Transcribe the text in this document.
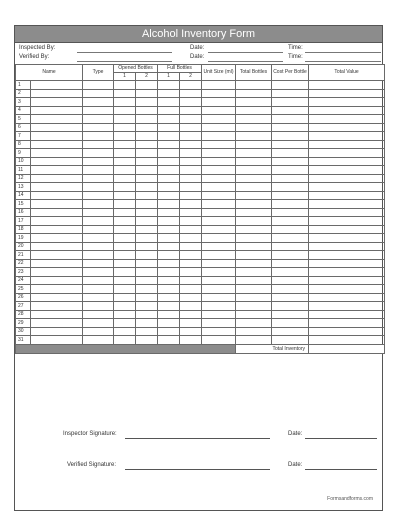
Alcohol Inventory Form
Inspected By:	Date:	Time:
Verified By:	Date:	Time:
Name		Type	Opened Bottles		Full Bottles		Unit Size (ml)	Total Bottles	Cost Per Bottle	Total Value
			1	2	1	2				
1										
2										
3										
4										
5										
6										
7										
8										
9										
10										
11										
12										
13										
14										
15										
16										
17										
18										
19										
20										
21										
22										
23										
24										
25										
26										
27										
28										
29										
30										
31										
								Total Inventory		
Inspector Signature:	Date:
Verified Signature:	Date:
Formsandforms.com
